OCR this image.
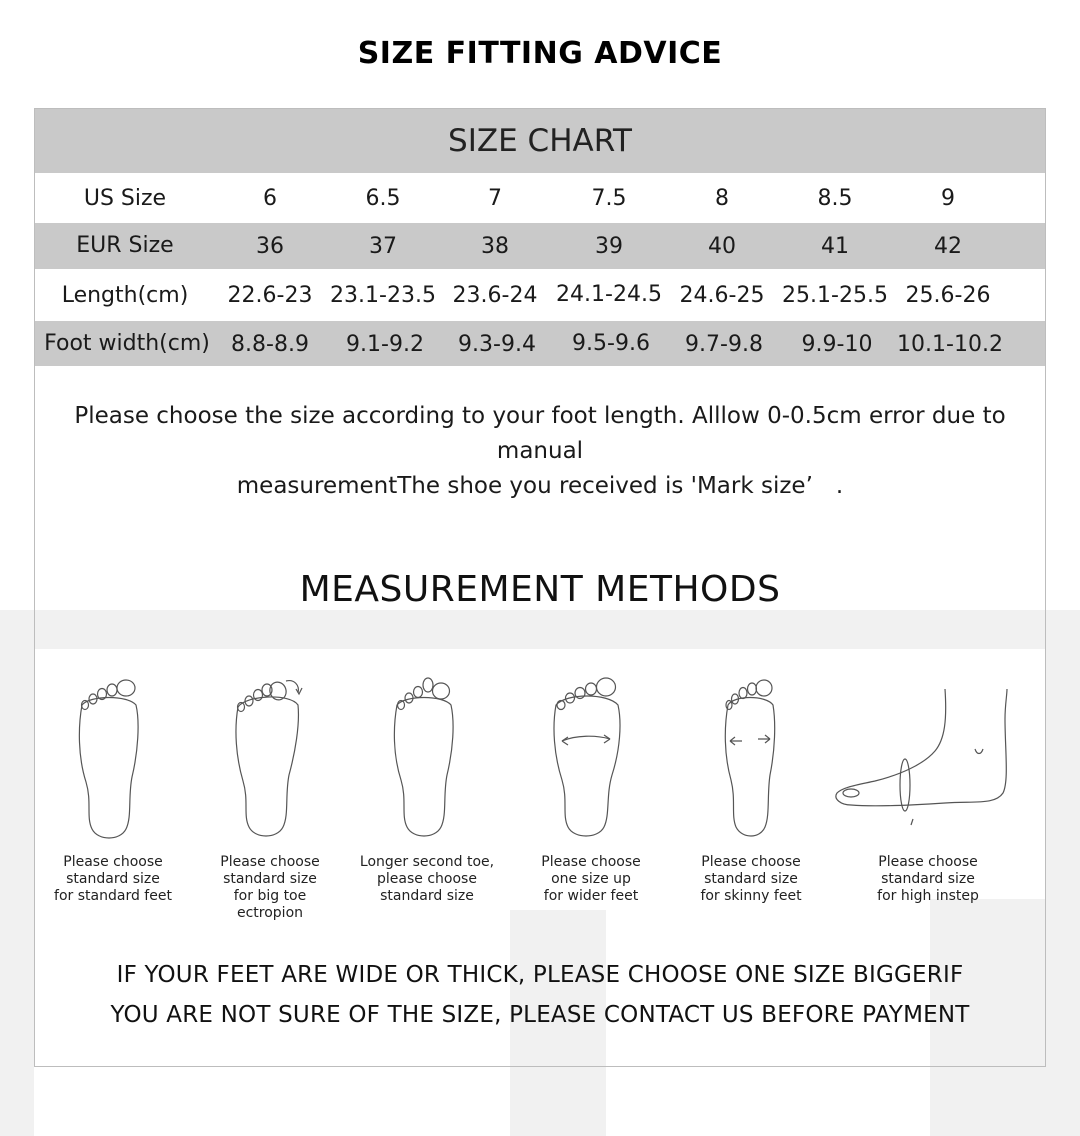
SIZE FITTING ADVICE
SIZE CHART
US Size	6	6.5	7	7.5	8	8.5	9
EUR Size	36	37	38	39	40	41	42
Length(cm)	22.6-23 23.1-23.5 23.6-24 24.1-24.5 24.6-25 25.1-25.5 25.6-26
Foot width(cm) 8.8-8.9	9.1-9.2	9.3-9.4	9.5-9.6	9.7-9.8	9.9-10	10.1-10.2
Please choose the size according to your foot length. Alllow 0-0.5cm error due to manual
measurementThe shoe you received is 'Mark size’　.
MEASUREMENT METHODS
Please choose
standard size
for standard feet
Please choose
standard size
for big toe
ectropion
Longer second toe,
please choose
standard size
Please choose
one size up
for wider feet
Please choose
standard size
for skinny feet
Please choose
standard size
for high instep
IF YOUR FEET ARE WIDE OR THICK, PLEASE CHOOSE ONE SIZE BIGGERIF
YOU ARE NOT SURE OF THE SIZE, PLEASE CONTACT US BEFORE PAYMENT
